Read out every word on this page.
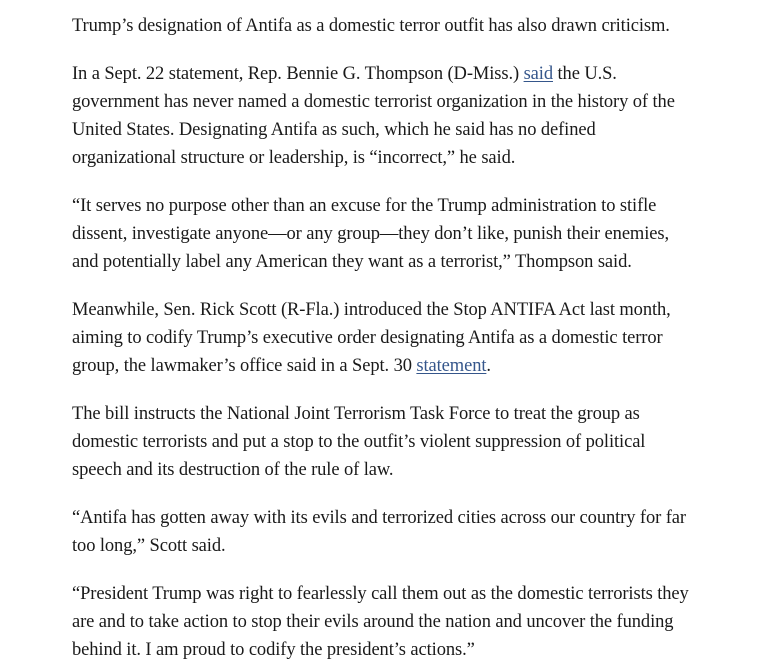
Trump’s designation of Antifa as a domestic terror outfit has also drawn criticism.

In a Sept. 22 statement, Rep. Bennie G. Thompson (D-Miss.) said the U.S. government has never named a domestic terrorist organization in the history of the United States. Designating Antifa as such, which he said has no defined organizational structure or leadership, is “incorrect,” he said.

“It serves no purpose other than an excuse for the Trump administration to stifle dissent, investigate anyone—or any group—they don’t like, punish their enemies, and potentially label any American they want as a terrorist,” Thompson said.

Meanwhile, Sen. Rick Scott (R-Fla.) introduced the Stop ANTIFA Act last month, aiming to codify Trump’s executive order designating Antifa as a domestic terror group, the lawmaker’s office said in a Sept. 30 statement.

The bill instructs the National Joint Terrorism Task Force to treat the group as domestic terrorists and put a stop to the outfit’s violent suppression of political speech and its destruction of the rule of law.

“Antifa has gotten away with its evils and terrorized cities across our country for far too long,” Scott said.

“President Trump was right to fearlessly call them out as the domestic terrorists they are and to take action to stop their evils around the nation and uncover the funding behind it. I am proud to codify the president’s actions.”
